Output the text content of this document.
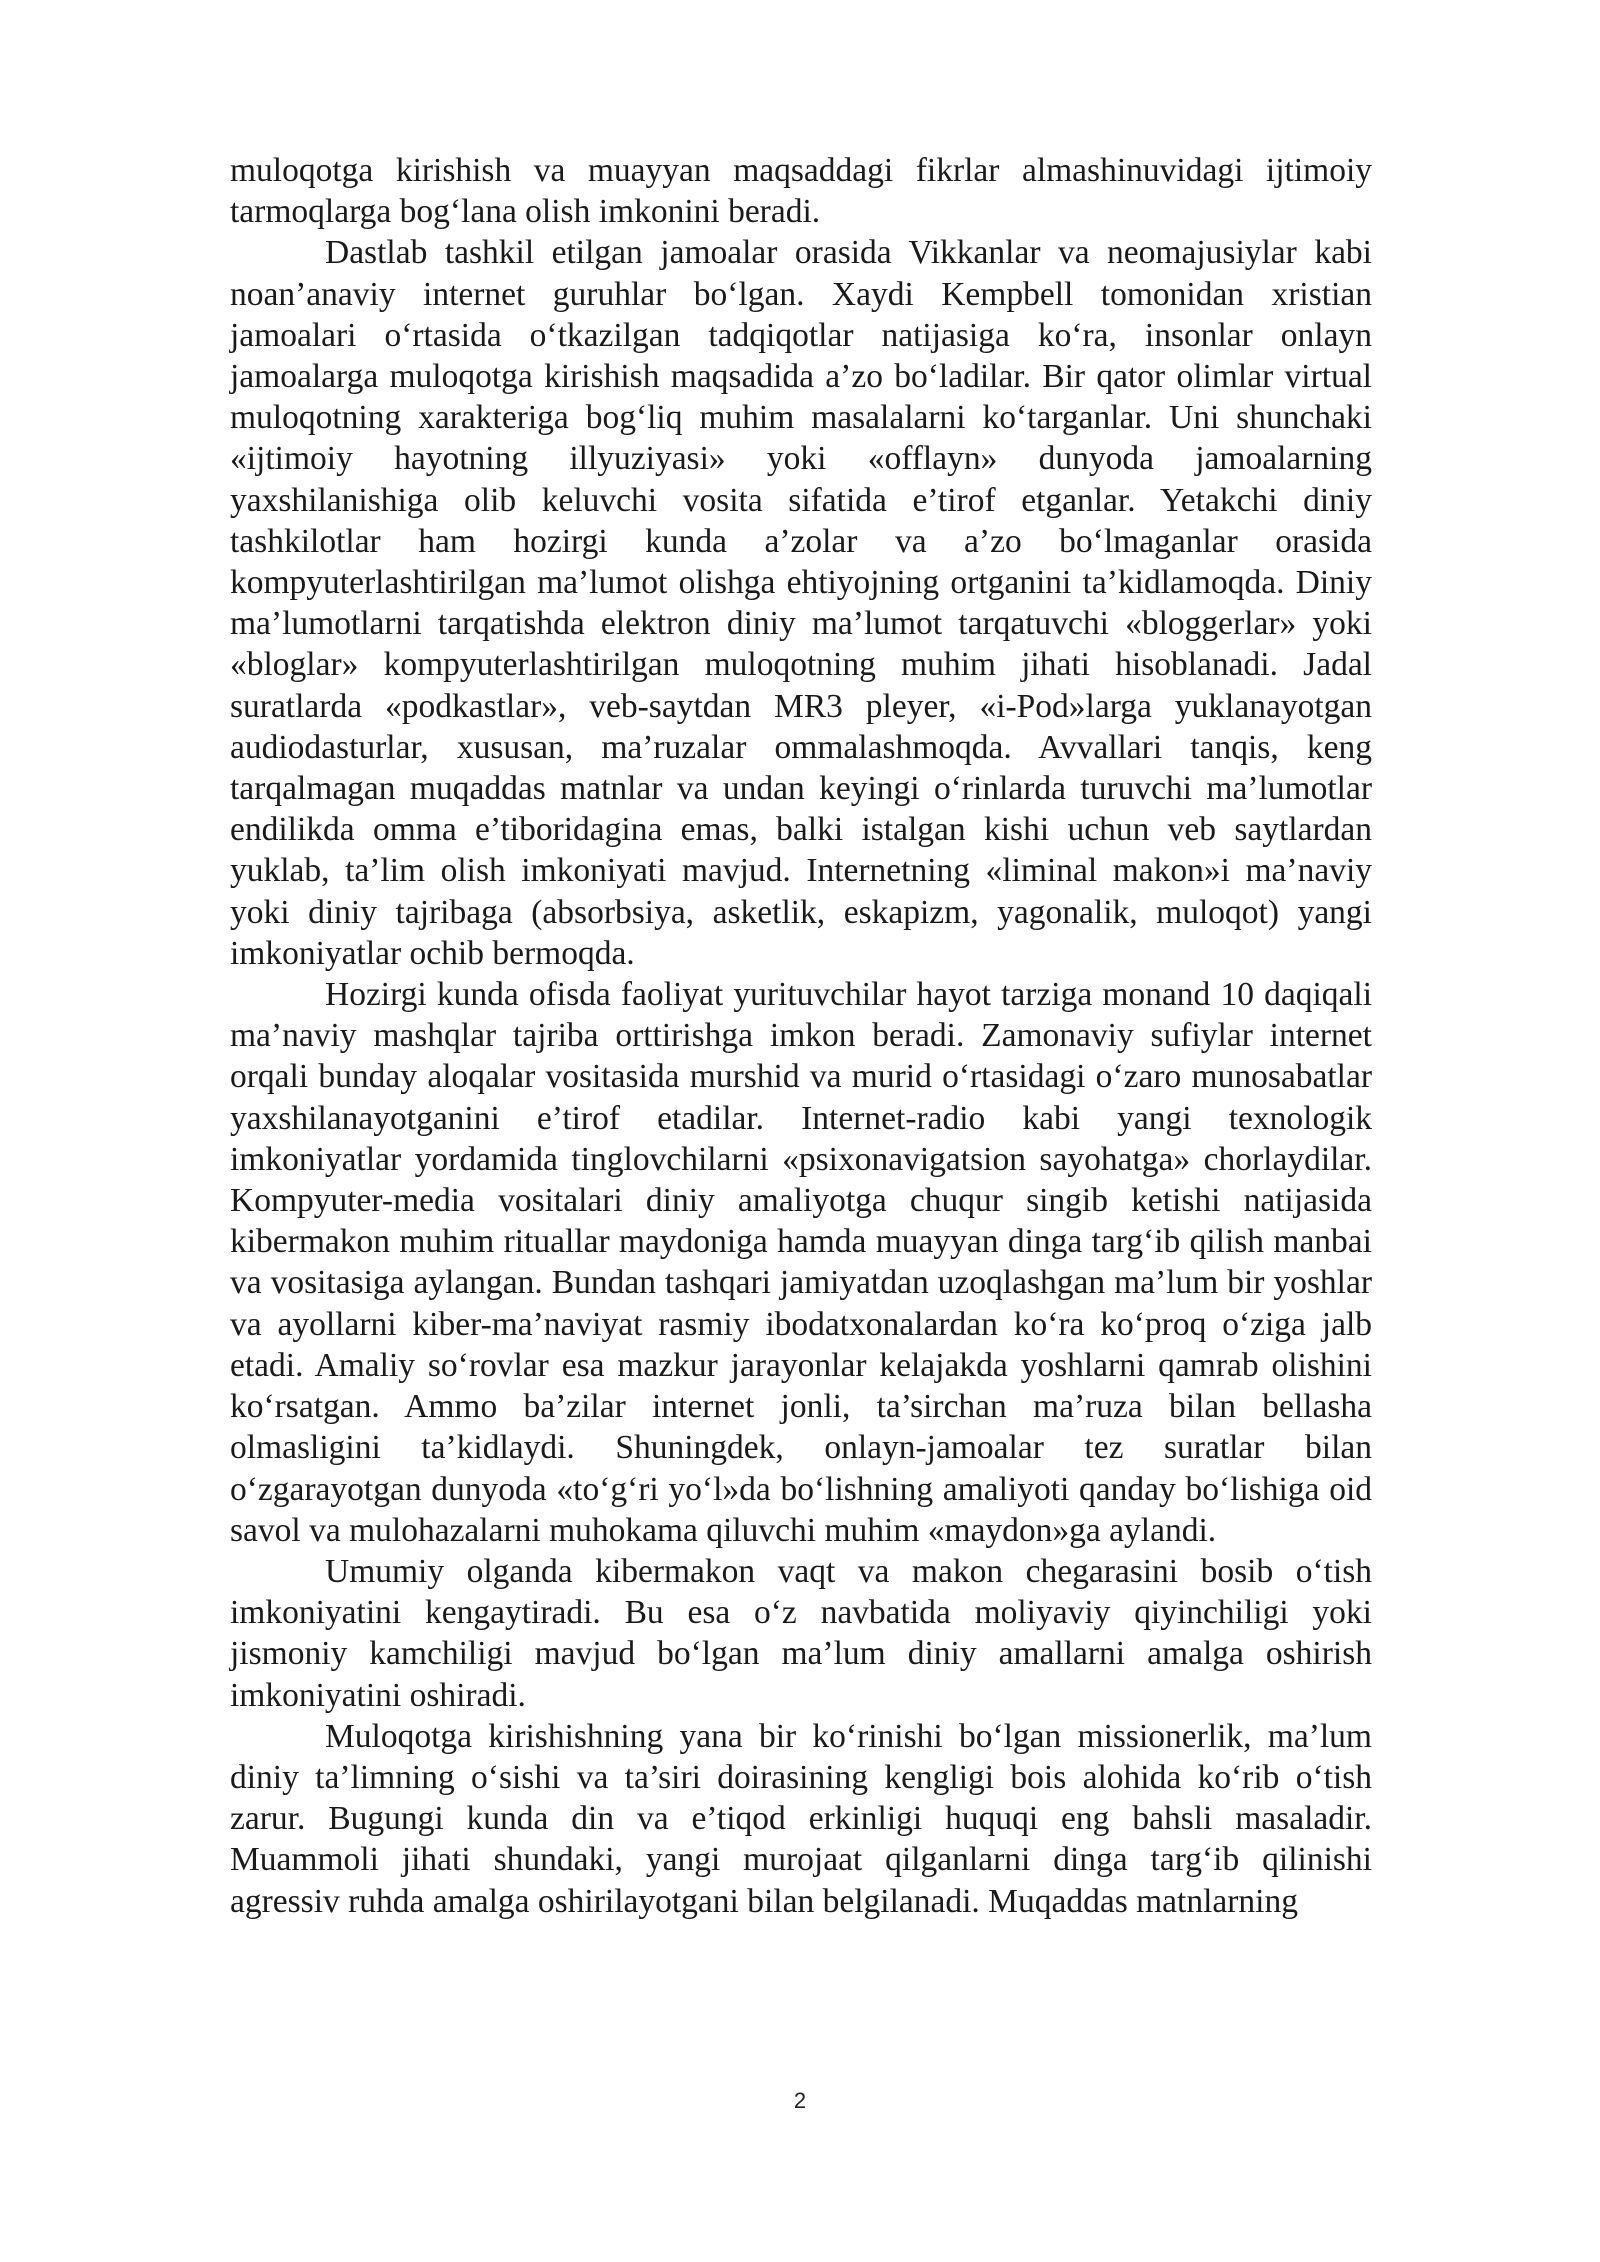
muloqotga kirishish va muayyan maqsaddagi fikrlar almashinuvidagi ijtimoiy tarmoqlarga bog‘lana olish imkonini beradi.

Dastlab tashkil etilgan jamoalar orasida Vikkanlar va neomajusiylar kabi noan’anaviy internet guruhlar bo‘lgan. Xaydi Kempbell tomonidan xristian jamoalari o‘rtasida o‘tkazilgan tadqiqotlar natijasiga ko‘ra, insonlar onlayn jamoalarga muloqotga kirishish maqsadida a’zo bo‘ladilar. Bir qator olimlar virtual muloqotning xarakteriga bog‘liq muhim masalalarni ko‘targanlar. Uni shunchaki «ijtimoiy hayotning illyuziyasi» yoki «offlayn» dunyoda jamoalarning yaxshilanishiga olib keluvchi vosita sifatida e’tirof etganlar. Yetakchi diniy tashkilotlar ham hozirgi kunda a’zolar va a’zo bo‘lmaganlar orasida kompyuterlashtirilgan ma’lumot olishga ehtiyojning ortganini ta’kidlamoqda. Diniy ma’lumotlarni tarqatishda elektron diniy ma’lumot tarqatuvchi «bloggerlar» yoki «bloglar» kompyuterlashtirilgan muloqotning muhim jihati hisoblanadi. Jadal suratlarda «podkastlar», veb-saytdan MR3 pleyer, «i-Pod»larga yuklanayotgan audiodasturlar, xususan, ma’ruzalar ommalashmoqda. Avvallari tanqis, keng tarqalmagan muqaddas matnlar va undan keyingi o‘rinlarda turuvchi ma’lumotlar endilikda omma e’tiboridagina emas, balki istalgan kishi uchun veb saytlardan yuklab, ta’lim olish imkoniyati mavjud. Internetning «liminal makon»i ma’naviy yoki diniy tajribaga (absorbsiya, asketlik, eskapizm, yagonalik, muloqot) yangi imkoniyatlar ochib bermoqda.

Hozirgi kunda ofisda faoliyat yurituvchilar hayot tarziga monand 10 daqiqali ma’naviy mashqlar tajriba orttirishga imkon beradi. Zamonaviy sufiylar internet orqali bunday aloqalar vositasida murshid va murid o‘rtasidagi o‘zaro munosabatlar yaxshilanayotganini e’tirof etadilar. Internet-radio kabi yangi texnologik imkoniyatlar yordamida tinglovchilarni «psixonavigatsion sayohatga» chorlaydilar. Kompyuter-media vositalari diniy amaliyotga chuqur singib ketishi natijasida kibermakon muhim rituallar maydoniga hamda muayyan dinga targ‘ib qilish manbai va vositasiga aylangan. Bundan tashqari jamiyatdan uzoqlashgan ma’lum bir yoshlar va ayollarni kiber-ma’naviyat rasmiy ibodatxonalardan ko‘ra ko‘proq o‘ziga jalb etadi. Amaliy so‘rovlar esa mazkur jarayonlar kelajakda yoshlarni qamrab olishini ko‘rsatgan. Ammo ba’zilar internet jonli, ta’sirchan ma’ruza bilan bellasha olmasligini ta’kidlaydi. Shuningdek, onlayn-jamoalar tez suratlar bilan o‘zgarayotgan dunyoda «to‘g‘ri yo‘l»da bo‘lishning amaliyoti qanday bo‘lishiga oid savol va mulohazalarni muhokama qiluvchi muhim «maydon»ga aylandi.

Umumiy olganda kibermakon vaqt va makon chegarasini bosib o‘tish imkoniyatini kengaytiradi. Bu esa o‘z navbatida moliyaviy qiyinchiligi yoki jismoniy kamchiligi mavjud bo‘lgan ma’lum diniy amallarni amalga oshirish imkoniyatini oshiradi.

Muloqotga kirishishning yana bir ko‘rinishi bo‘lgan missionerlik, ma’lum diniy ta’limning o‘sishi va ta’siri doirasining kengligi bois alohida ko‘rib o‘tish zarur. Bugungi kunda din va e’tiqod erkinligi huquqi eng bahsli masaladir. Muammoli jihati shundaki, yangi murojaat qilganlarni dinga targ‘ib qilinishi agressiv ruhda amalga oshirilayotgani bilan belgilanadi. Muqaddas matnlarning

2
